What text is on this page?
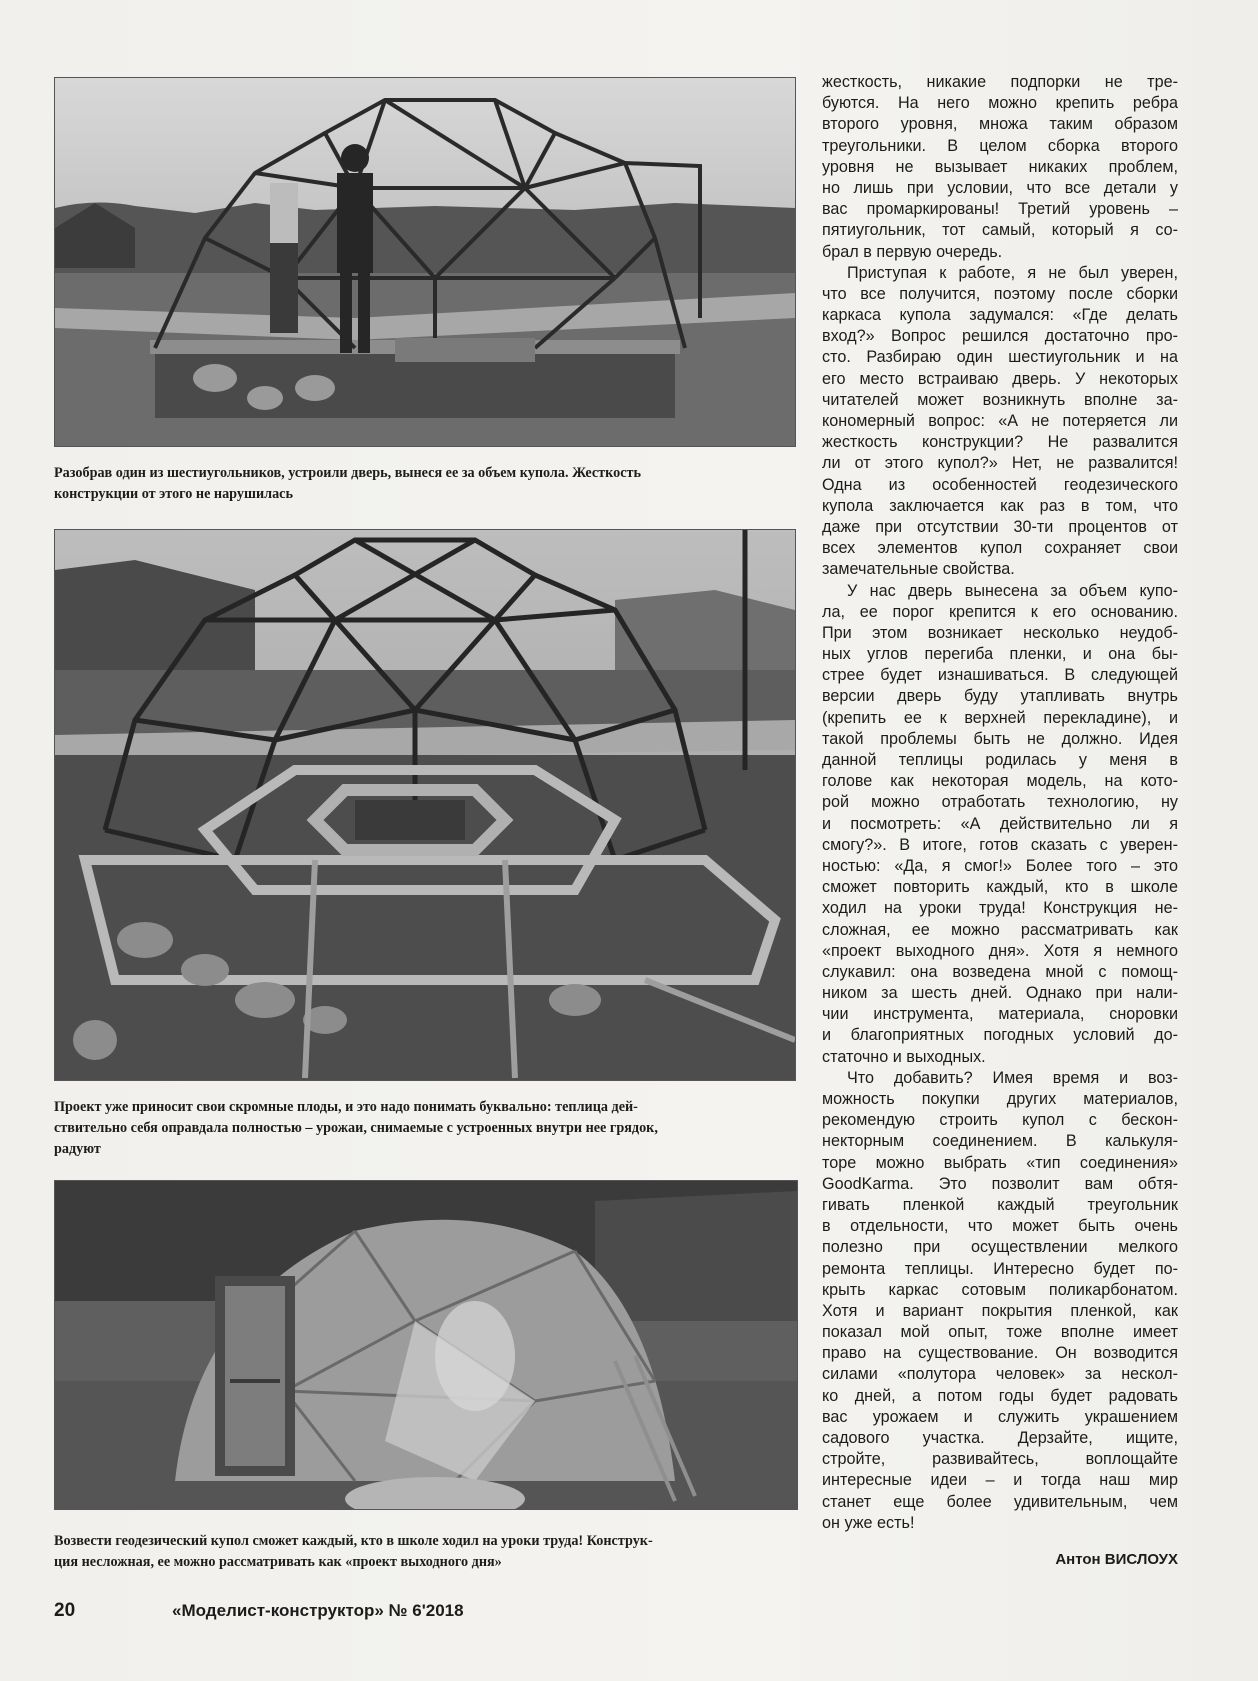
Разобрав один из шестиугольников, устроили дверь, вынеся ее за объем купола. Жесткость
конструкции от этого не нарушилась
Проект уже приносит свои скромные плоды, и это надо понимать буквально: теплица дей-
ствительно себя оправдала полностью – урожаи, снимаемые с устроенных внутри нее грядок,
радуют
Возвести геодезический купол сможет каждый, кто в школе ходил на уроки труда! Конструк-
ция несложная, ее можно рассматривать как «проект выходного дня»
жесткость, никакие подпорки не тре-
буются. На него можно крепить ребра
второго уровня, множа таким образом
треугольники. В целом сборка второго
уровня не вызывает никаких проблем,
но лишь при условии, что все детали у
вас промаркированы! Третий уровень –
пятиугольник, тот самый, который я со-
брал в первую очередь.
Приступая к работе, я не был уверен,
что все получится, поэтому после сборки
каркаса купола задумался: «Где делать
вход?» Вопрос решился достаточно про-
сто. Разбираю один шестиугольник и на
его место встраиваю дверь. У некоторых
читателей может возникнуть вполне за-
кономерный вопрос: «А не потеряется ли
жесткость конструкции? Не развалится
ли от этого купол?» Нет, не развалится!
Одна из особенностей геодезического
купола заключается как раз в том, что
даже при отсутствии 30-ти процентов от
всех элементов купол сохраняет свои
замечательные свойства.
У нас дверь вынесена за объем купо-
ла, ее порог крепится к его основанию.
При этом возникает несколько неудоб-
ных углов перегиба пленки, и она бы-
стрее будет изнашиваться. В следующей
версии дверь буду утапливать внутрь
(крепить ее к верхней перекладине), и
такой проблемы быть не должно. Идея
данной теплицы родилась у меня в
голове как некоторая модель, на кото-
рой можно отработать технологию, ну
и посмотреть: «А действительно ли я
смогу?». В итоге, готов сказать с уверен-
ностью: «Да, я смог!» Более того – это
сможет повторить каждый, кто в школе
ходил на уроки труда! Конструкция не-
сложная, ее можно рассматривать как
«проект выходного дня». Хотя я немного
слукавил: она возведена мной с помощ-
ником за шесть дней. Однако при нали-
чии инструмента, материала, сноровки
и благоприятных погодных условий до-
статочно и выходных.
Что добавить? Имея время и воз-
можность покупки других материалов,
рекомендую строить купол с бескон-
некторным соединением. В калькуля-
торе можно выбрать «тип соединения»
GoodKarma. Это позволит вам обтя-
гивать пленкой каждый треугольник
в отдельности, что может быть очень
полезно при осуществлении мелкого
ремонта теплицы. Интересно будет по-
крыть каркас сотовым поликарбонатом.
Хотя и вариант покрытия пленкой, как
показал мой опыт, тоже вполне имеет
право на существование. Он возводится
силами «полутора человек» за нескол-
ко дней, а потом годы будет радовать
вас урожаем и служить украшением
садового участка. Дерзайте, ищите,
стройте, развивайтесь, воплощайте
интересные идеи – и тогда наш мир
станет еще более удивительным, чем
он уже есть!
Антон ВИСЛОУХ
20	«Моделист-конструктор» № 6'2018
